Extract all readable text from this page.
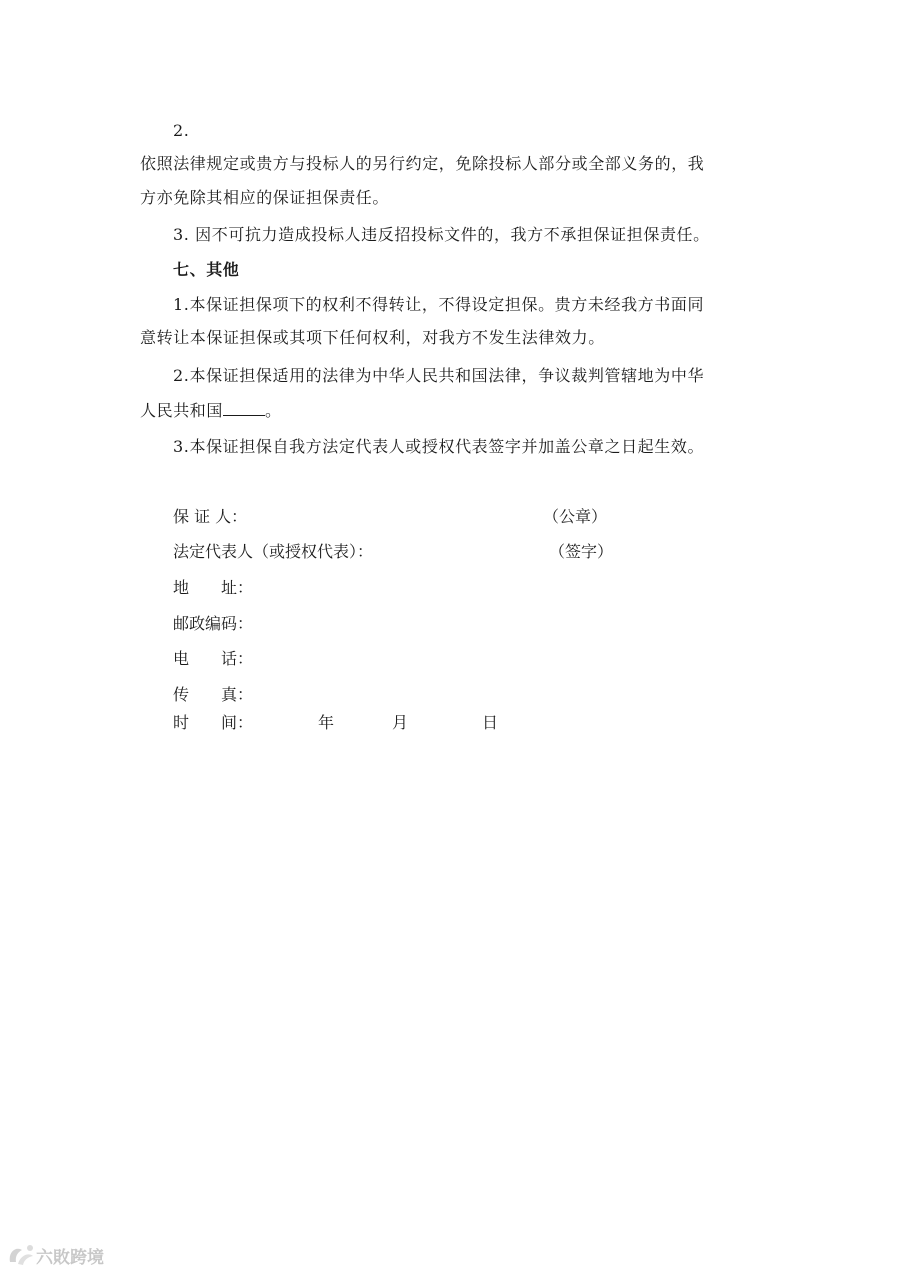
2.
依照法律规定或贵方与投标人的另行约定，免除投标人部分或全部义务的，我
方亦免除其相应的保证担保责任。
3. 因不可抗力造成投标人违反招投标文件的，我方不承担保证担保责任。
七、其他
1.本保证担保项下的权利不得转让，不得设定担保。贵方未经我方书面同
意转让本保证担保或其项下任何权利，对我方不发生法律效力。
2.本保证担保适用的法律为中华人民共和国法律，争议裁判管辖地为中华
人民共和国	。
3.本保证担保自我方法定代表人或授权代表签字并加盖公章之日起生效。
保 证 人：	（公章）
法定代表人（或授权代表）：	（签字）
地　　址：
邮政编码：
电　　话：
传　　真：
时　　间：	年	月	日
六敗跨境
